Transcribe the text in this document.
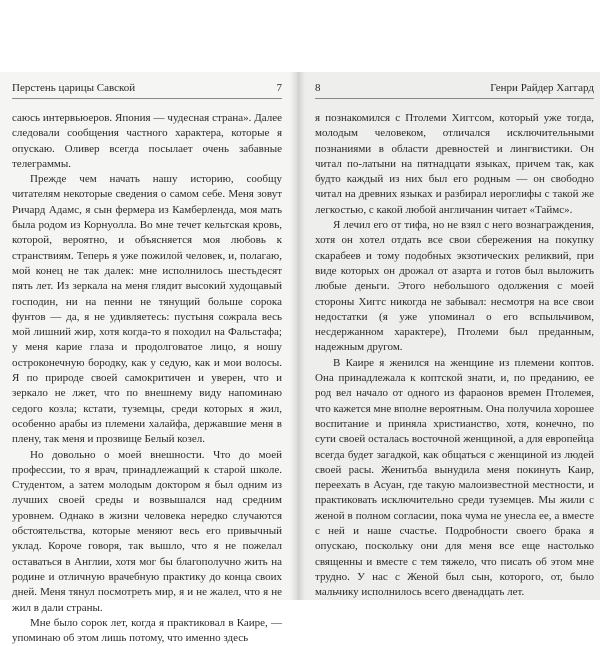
Перстень царицы Савской	7

саюсь интервьюеров. Япония — чудесная страна». Далее следовали сообщения частного характера, которые я опускаю. Оливер всегда посылает очень забавные телеграммы.

Прежде чем начать нашу историю, сообщу читателям некоторые сведения о самом себе. Меня зовут Ричард Адамс, я сын фермера из Камберленда, моя мать была родом из Корнуолла. Во мне течет кельтская кровь, которой, вероятно, и объясняется моя любовь к странствиям. Теперь я уже пожилой человек, и, полагаю, мой конец не так далек: мне исполнилось шестьдесят пять лет. Из зеркала на меня глядит высокий худощавый господин, ни на пенни не тянущий больше сорока фунтов — да, я не удивляетесь: пустыня сожрала весь мой лишний жир, хотя когда-то я походил на Фальстафа; у меня карие глаза и продолговатое лицо, я ношу остроконечную бородку, как у седую, как и мои волосы. Я по природе своей самокритичен и уверен, что и зеркало не лжет, что по внешнему виду напоминаю седого козла; кстати, туземцы, среди которых я жил, особенно арабы из племени халайфа, державшие меня в плену, так меня и прозвище Белый козел.

Но довольно о моей внешности. Что до моей профессии, то я врач, принадлежащий к старой школе. Студентом, а затем молодым доктором я был одним из лучших своей среды и возвышался над средним уровнем. Однако в жизни человека нередко случаются обстоятельства, которые меняют весь его привычный уклад. Короче говоря, так вышло, что я не пожелал оставаться в Англии, хотя мог бы благополучно жить на родине и отличную врачебную практику до конца своих дней. Меня тянул посмотреть мир, я и не жалел, что я не жил в дали страны.

Мне было сорок лет, когда я практиковал в Каире, — упоминаю об этом лишь потому, что именно здесь

8	Генри Райдер Хаггард

я познакомился с Птолеми Хиггсом, который уже тогда, молодым человеком, отличался исключительными познаниями в области древностей и лингвистики. Он читал по-латыни на пятнадцати языках, причем так, как будто каждый из них был его родным — он свободно читал на древних языках и разбирал иероглифы с такой же легкостью, с какой любой англичанин читает «Таймс».

Я лечил его от тифа, но не взял с него вознаграждения, хотя он хотел отдать все свои сбережения на покупку скарабеев и тому подобных экзотических реликвий, при виде которых он дрожал от азарта и готов был выложить любые деньги. Этого небольшого одолжения с моей стороны Хиггс никогда не забывал: несмотря на все свои недостатки (я уже упоминал о его вспыльчивом, несдержанном характере), Птолеми был преданным, надежным другом.

В Каире я женился на женщине из племени коптов. Она принадлежала к коптской знати, и, по преданию, ее род вел начало от одного из фараонов времен Птолемея, что кажется мне вполне вероятным. Она получила хорошее воспитание и приняла христианство, хотя, конечно, по сути своей осталась восточной женщиной, а для европейца всегда будет загадкой, как общаться с женщиной из людей своей расы. Женитьба вынудила меня покинуть Каир, переехать в Асуан, где такую малоизвестной местности, и практиковать исключительно среди туземцев. Мы жили с женой в полном согласии, пока чума не унесла ее, а вместе с ней и наше счастье. Подробности своего брака я опускаю, поскольку они для меня все еще настолько священны и вместе с тем тяжело, что писать об этом мне трудно. У нас с Женой был сын, которого, от, было мальчику исполнилось всего двенадцать лет.
